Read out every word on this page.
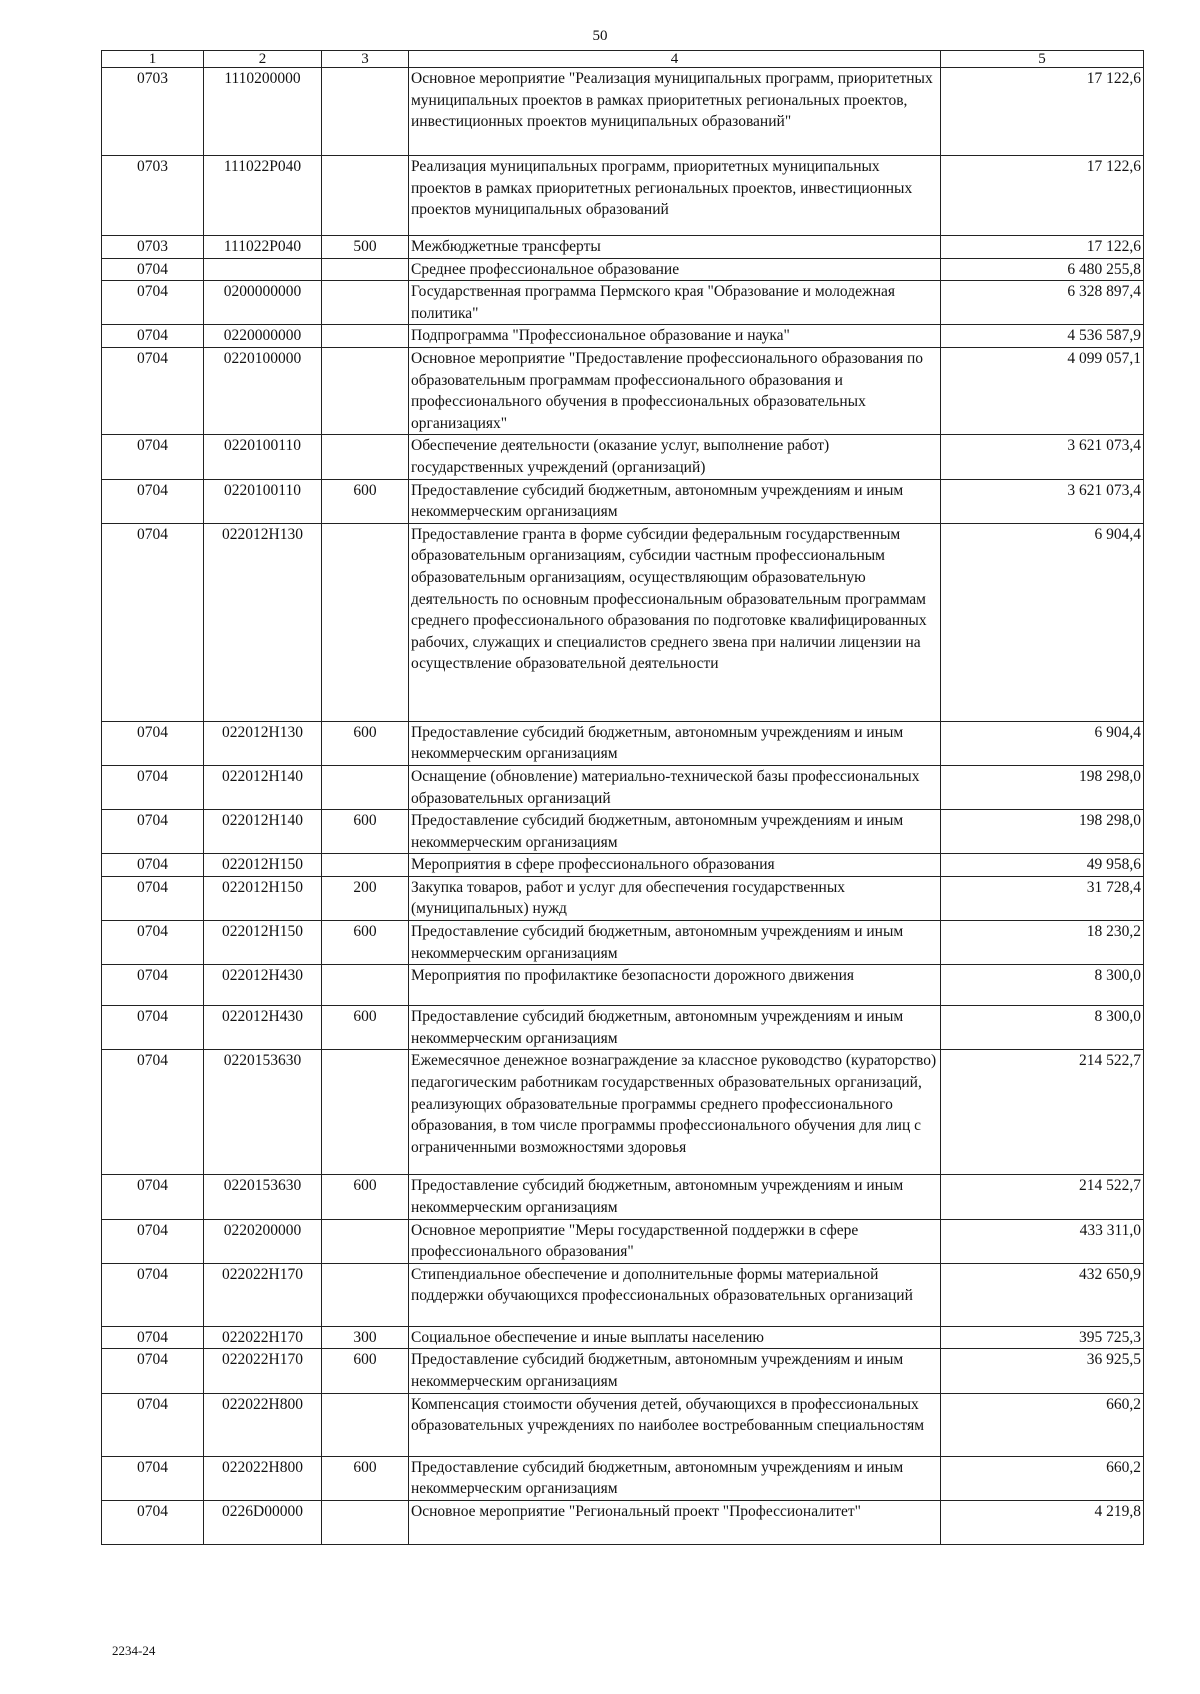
50
1	2	3	4	5
0703	1110200000		Основное мероприятие "Реализация муниципальных программ, приоритетных муниципальных проектов в рамках приоритетных региональных проектов, инвестиционных проектов муниципальных образований"	17 122,6
0703	111022P040		Реализация муниципальных программ, приоритетных муниципальных проектов в рамках приоритетных региональных проектов, инвестиционных проектов муниципальных образований	17 122,6
0703	111022P040	500	Межбюджетные трансферты	17 122,6
0704			Среднее профессиональное образование	6 480 255,8
0704	0200000000		Государственная программа Пермского края "Образование и молодежная политика"	6 328 897,4
0704	0220000000		Подпрограмма "Профессиональное образование и наука"	4 536 587,9
0704	0220100000		Основное мероприятие "Предоставление профессионального образования по образовательным программам профессионального образования и профессионального обучения в профессиональных образовательных организациях"	4 099 057,1
0704	0220100110		Обеспечение деятельности (оказание услуг, выполнение работ) государственных учреждений (организаций)	3 621 073,4
0704	0220100110	600	Предоставление субсидий бюджетным, автономным учреждениям и иным некоммерческим организациям	3 621 073,4
0704	022012H130		Предоставление гранта в форме субсидии федеральным государственным образовательным организациям, субсидии частным профессиональным образовательным организациям, осуществляющим образовательную деятельность по основным профессиональным образовательным программам среднего профессионального образования по подготовке квалифицированных рабочих, служащих и специалистов среднего звена при наличии лицензии на осуществление образовательной деятельности	6 904,4
0704	022012H130	600	Предоставление субсидий бюджетным, автономным учреждениям и иным некоммерческим организациям	6 904,4
0704	022012H140		Оснащение (обновление) материально-технической базы профессиональных образовательных организаций	198 298,0
0704	022012H140	600	Предоставление субсидий бюджетным, автономным учреждениям и иным некоммерческим организациям	198 298,0
0704	022012H150		Мероприятия в сфере профессионального образования	49 958,6
0704	022012H150	200	Закупка товаров, работ и услуг для обеспечения государственных (муниципальных) нужд	31 728,4
0704	022012H150	600	Предоставление субсидий бюджетным, автономным учреждениям и иным некоммерческим организациям	18 230,2
0704	022012H430		Мероприятия по профилактике безопасности дорожного движения	8 300,0
0704	022012H430	600	Предоставление субсидий бюджетным, автономным учреждениям и иным некоммерческим организациям	8 300,0
0704	0220153630		Ежемесячное денежное вознаграждение за классное руководство (кураторство) педагогическим работникам государственных образовательных организаций, реализующих образовательные программы среднего профессионального образования, в том числе программы профессионального обучения для лиц с ограниченными возможностями здоровья	214 522,7
0704	0220153630	600	Предоставление субсидий бюджетным, автономным учреждениям и иным некоммерческим организациям	214 522,7
0704	0220200000		Основное мероприятие "Меры государственной поддержки в сфере профессионального образования"	433 311,0
0704	022022H170		Стипендиальное обеспечение и дополнительные формы материальной поддержки обучающихся профессиональных образовательных организаций	432 650,9
0704	022022H170	300	Социальное обеспечение и иные выплаты населению	395 725,3
0704	022022H170	600	Предоставление субсидий бюджетным, автономным учреждениям и иным некоммерческим организациям	36 925,5
0704	022022H800		Компенсация стоимости обучения детей, обучающихся в профессиональных образовательных учреждениях по наиболее востребованным специальностям	660,2
0704	022022H800	600	Предоставление субсидий бюджетным, автономным учреждениям и иным некоммерческим организациям	660,2
0704	0226D00000		Основное мероприятие "Региональный проект "Профессионалитет"	4 219,8
2234-24
